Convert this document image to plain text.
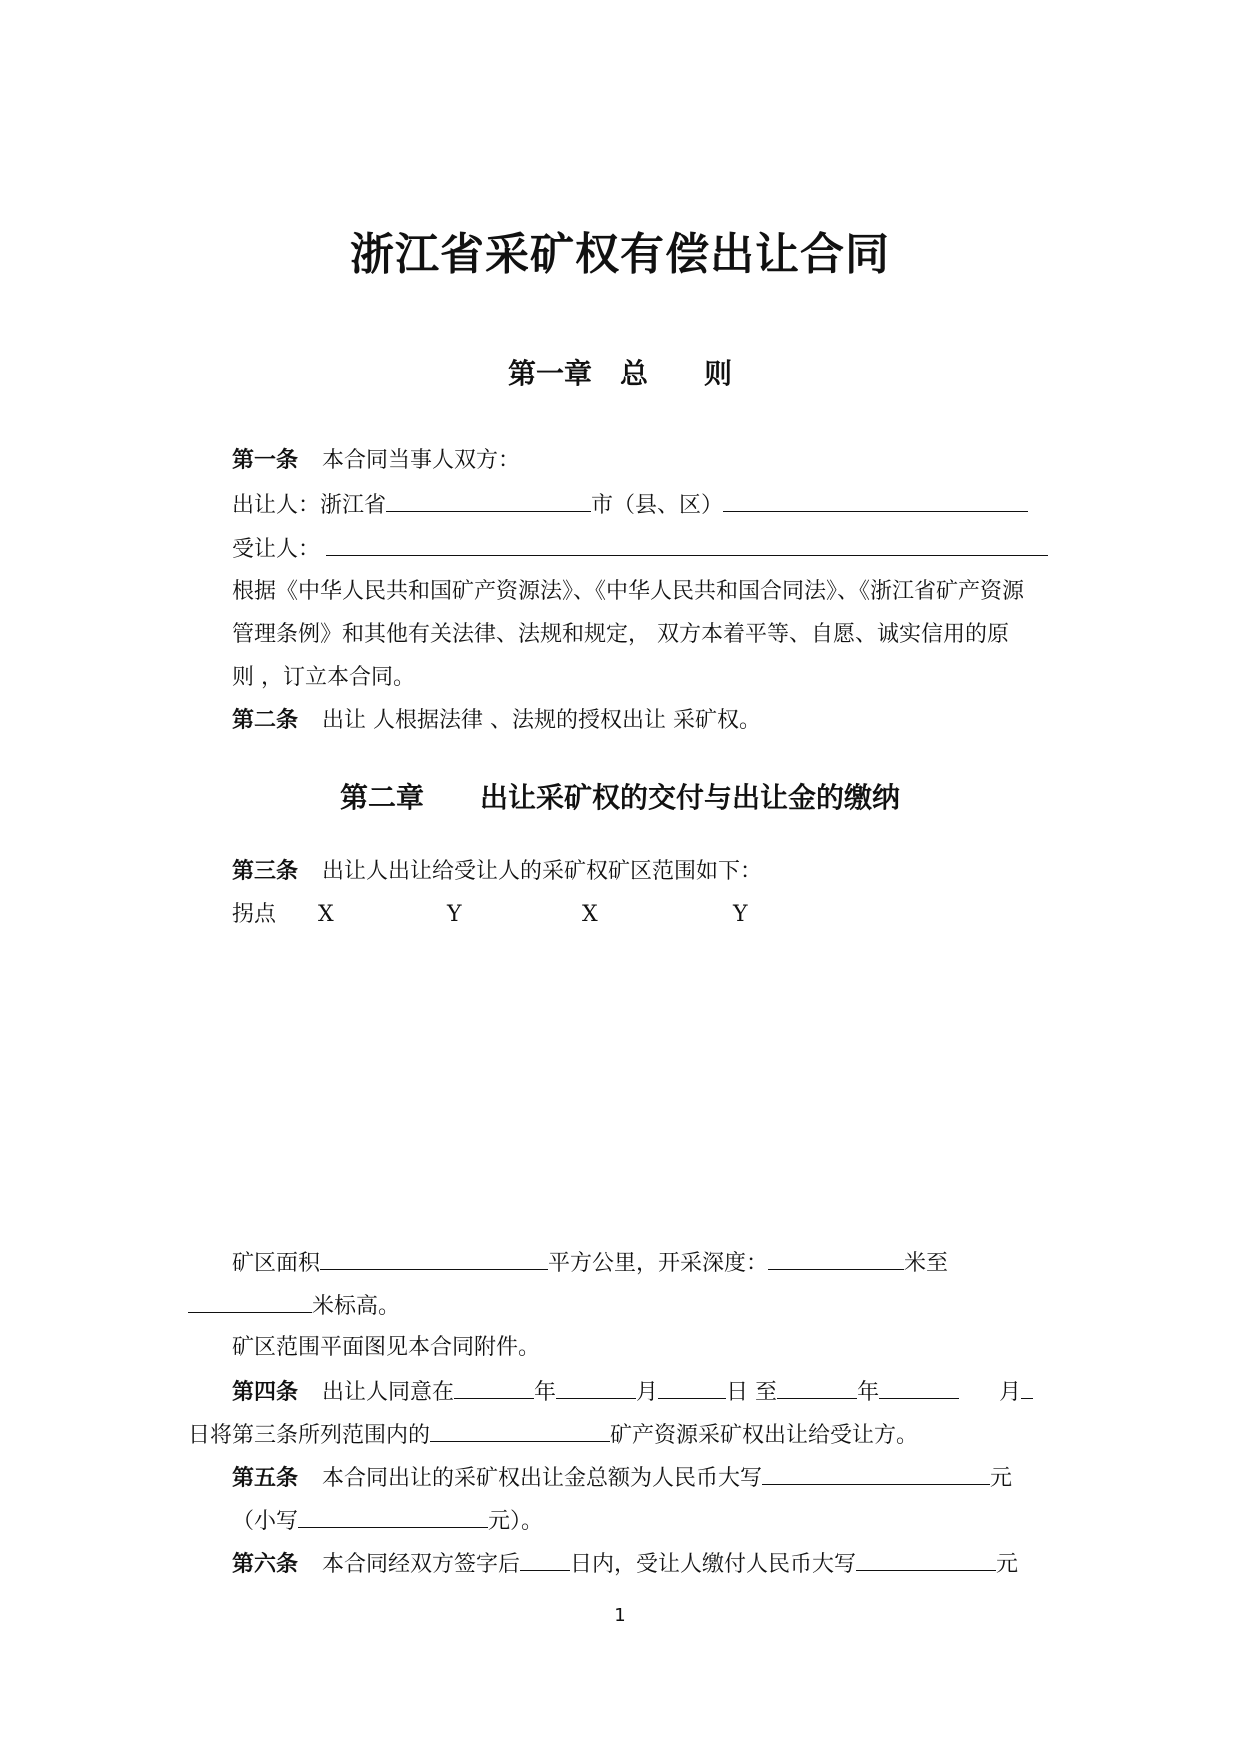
浙江省采矿权有偿出让合同
第一章　总　　则
第一条 本合同当事人双方：
出让人：浙江省	市（县、区）
受让人：
根据《中华人民共和国矿产资源法》、《中华人民共和国合同法》、《浙江省矿产资源
管理条例》和其他有关法律、法规和规定， 双方本着平等、自愿、诚实信用的原
则 ，订立本合同。
第二条 出让 人根据法律 、法规的授权出让 采矿权。
第二章　　出让采矿权的交付与出让金的缴纳
第三条 出让人出让给受让人的采矿权矿区范围如下：
拐点 X	Y	X	Y
矿区面积	平方公里，开采深度：	米至
米标高。
矿区范围平面图见本合同附件。
第四条 出让人同意在	年	月	日 至	年	月
日将第三条所列范围内的	矿产资源采矿权出让给受让方。
第五条 本合同出让的采矿权出让金总额为人民币大写	元
（小写	元）。
第六条 本合同经双方签字后 日内，受让人缴付人民币大写	元
1
